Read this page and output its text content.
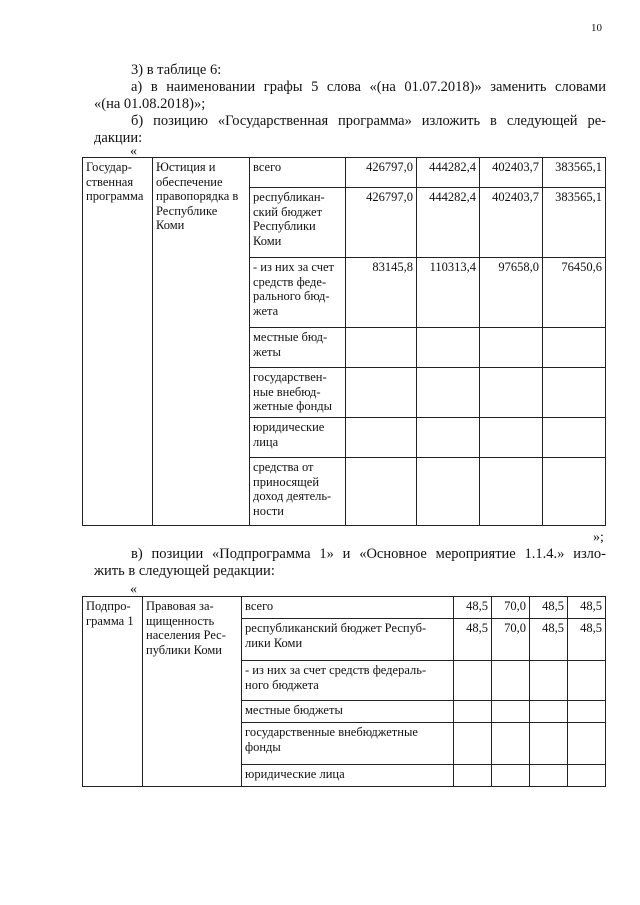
10
3) в таблице 6:
а) в наименовании графы 5 слова «(на 01.07.2018)» заменить словами
«(на 01.08.2018)»;
б) позицию «Государственная программа» изложить в следующей ре-
дакции:
«
Государ-ственная программа	Юстиция и обеспечение правопорядка в Республике Коми	всего	426797,0	444282,4	402403,7	383565,1
		республикан-ский бюджет Республики Коми	426797,0	444282,4	402403,7	383565,1
		- из них за счет средств феде-рального бюд-жета	83145,8	110313,4	97658,0	76450,6
		местные бюд-жеты				
		государствен-ные внебюд-жетные фонды				
		юридические лица				
		средства от приносящей доход деятель-ности				
»;
в) позиции «Подпрограмма 1» и «Основное мероприятие 1.1.4.» изло-
жить в следующей редакции:
«
Подпро-грамма 1	Правовая за-щищенность населения Рес-публики Коми	всего	48,5	70,0	48,5	48,5
		республиканский бюджет Респуб-лики Коми	48,5	70,0	48,5	48,5
		- из них за счет средств федераль-ного бюджета				
		местные бюджеты				
		государственные внебюджетные фонды				
		юридические лица				
